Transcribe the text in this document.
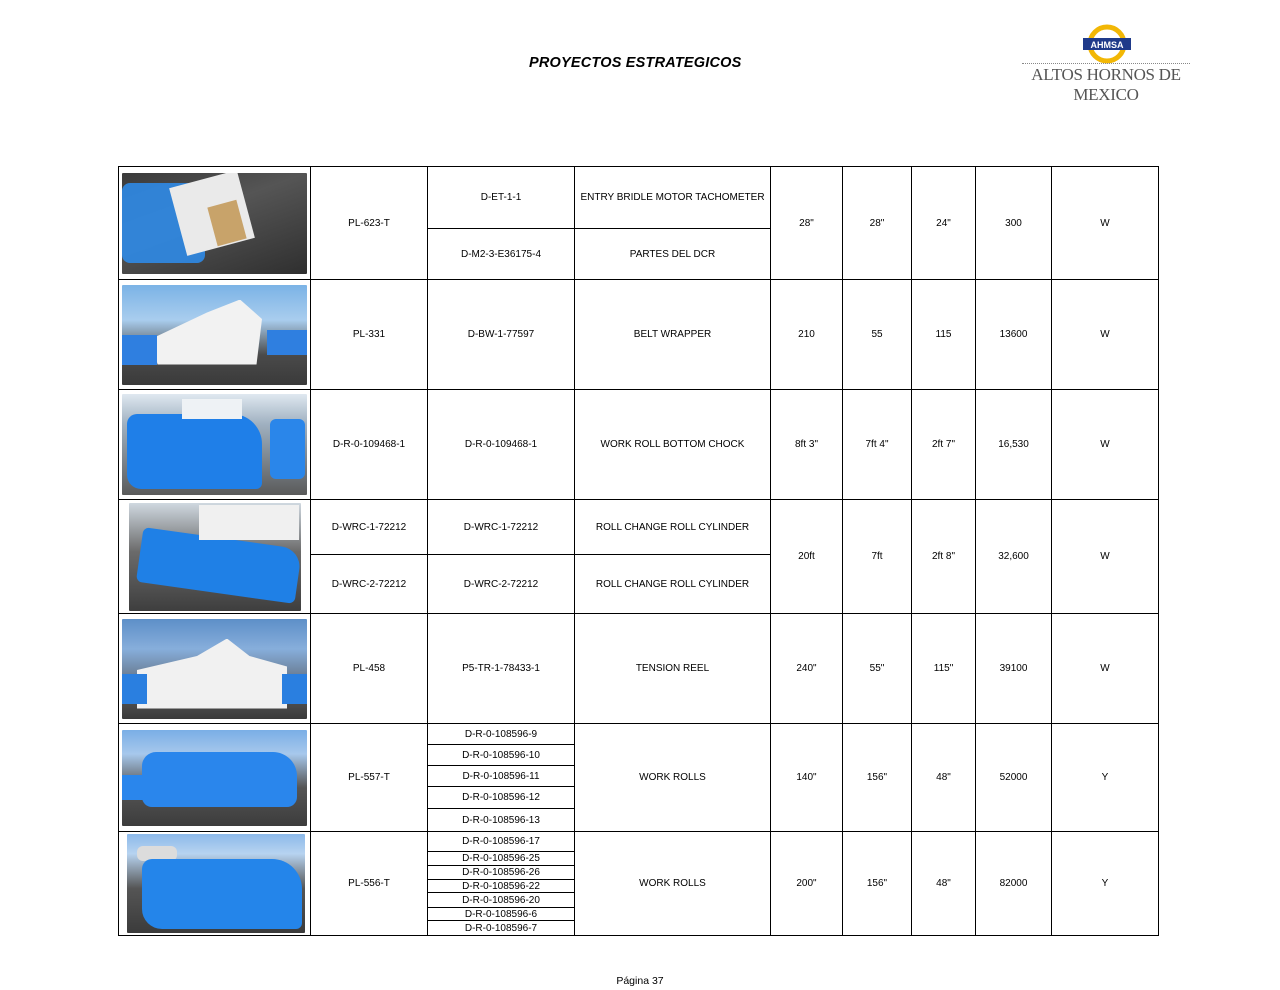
PROYECTOS ESTRATEGICOS
AHMSA
ALTOS HORNOS DE MEXICO
	PL-623-T	D-ET-1-1	ENTRY BRIDLE MOTOR TACHOMETER	28"	28"	24"	300	W
		D-M2-3-E36175-4	PARTES DEL DCR					

	PL-331	D-BW-1-77597	BELT WRAPPER	210	55	115	13600	W

	D-R-0-109468-1	D-R-0-109468-1	WORK ROLL BOTTOM CHOCK	8ft 3"	7ft 4"	2ft 7"	16,530	W

	D-WRC-1-72212	D-WRC-1-72212	ROLL CHANGE ROLL CYLINDER	20ft	7ft	2ft 8"	32,600	W
	D-WRC-2-72212	D-WRC-2-72212	ROLL CHANGE ROLL CYLINDER					

	PL-458	P5-TR-1-78433-1	TENSION REEL	240"	55"	115"	39100	W

	PL-557-T	D-R-0-108596-9	WORK ROLLS	140"	156"	48"	52000	Y
		D-R-0-108596-10						
		D-R-0-108596-11						
		D-R-0-108596-12						
		D-R-0-108596-13						

	PL-556-T	D-R-0-108596-17	WORK ROLLS	200"	156"	48"	82000	Y
		D-R-0-108596-25						
		D-R-0-108596-26						
		D-R-0-108596-22						
		D-R-0-108596-20						
		D-R-0-108596-6						
		D-R-0-108596-7						
Página 37
